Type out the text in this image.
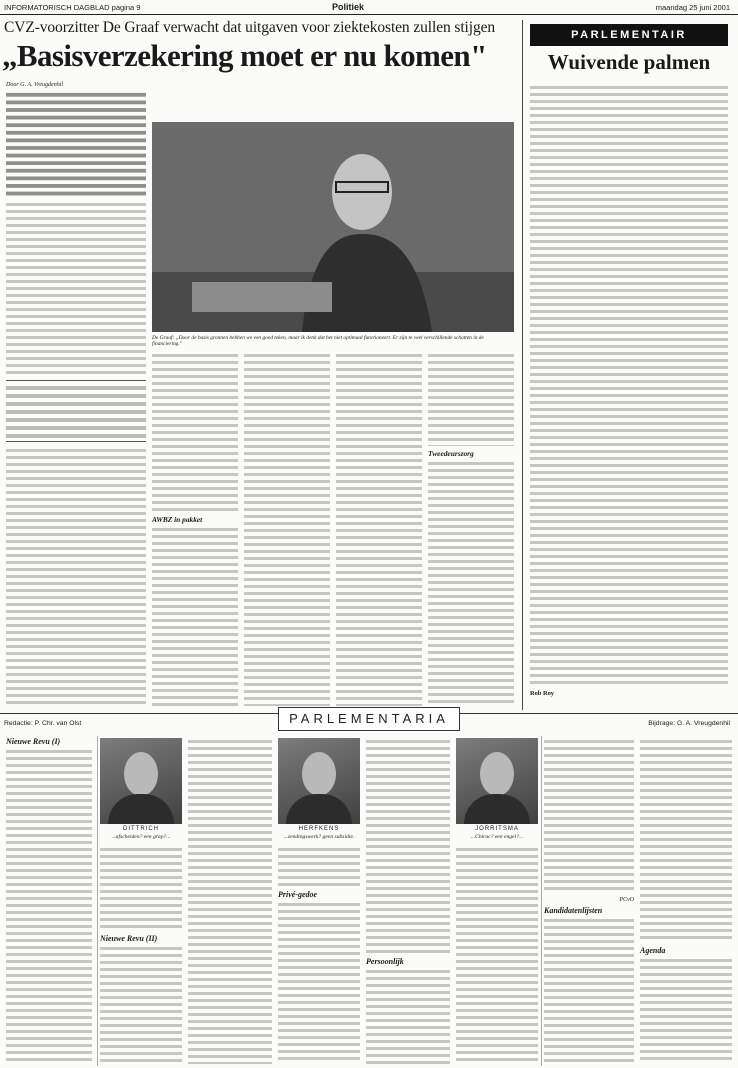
INFORMATORISCH DAGBLAD pagina 9	Politiek	maandag 25 juni 2001
CVZ-voorzitter De Graaf verwacht dat uitgaven voor ziektekosten zullen stijgen
„Basisverzekering moet er nu komen"
Door G. A. Vreugdenhil
De Graaf: „Door de basis gronnen hebben we een goed teken, maar ik denk dat het niet optimaal functioneert. Er zijn te veel verschillende schotten in de financiering."
AWBZ in pakket
Tweedeurszorg
PARLEMENTAIR
Wuivende palmen
Rob Roy
Redactie: P. Chr. van Olst	PARLEMENTARIA	Bijdrage: G. A. Vreugdenhil
Nieuwe Revu (I)
DITTRICH
...afscheiden? een grap?...
Nieuwe Revu (II)
HERFKENS
...zendingswerk? geen subsidie.
Privé-gedoe
Persoonlijk
JORRITSMA
...Chirac? een engel?...
PCvO
Kandidatenlijsten
Agenda
